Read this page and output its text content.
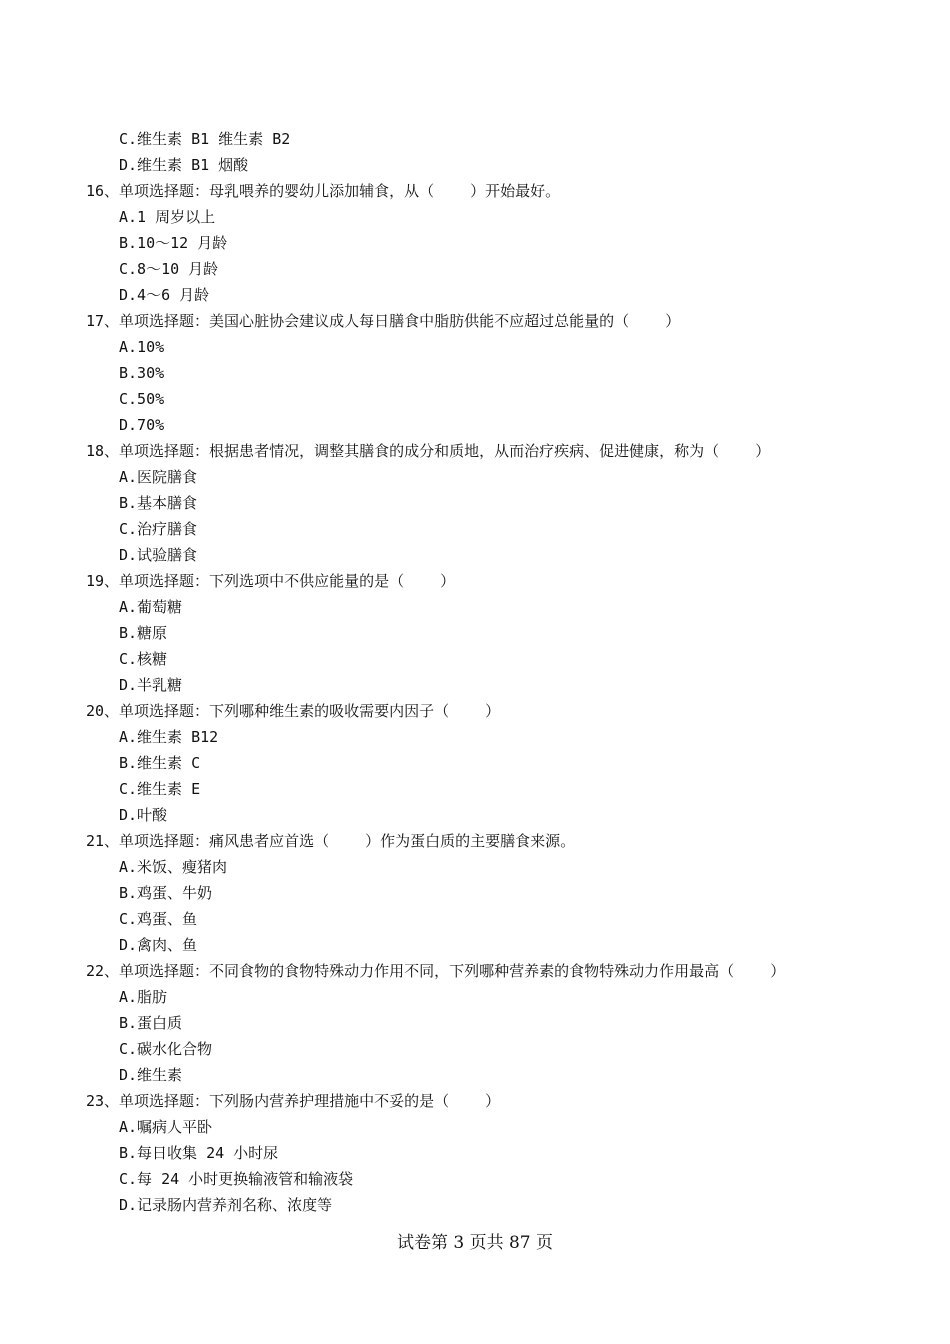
C.维生素 B1 维生素 B2
D.维生素 B1 烟酸
16、单项选择题：母乳喂养的婴幼儿添加辅食，从（    ）开始最好。
A.1 周岁以上
B.10～12 月龄
C.8～10 月龄
D.4～6 月龄
17、单项选择题：美国心脏协会建议成人每日膳食中脂肪供能不应超过总能量的（    ）
A.10%
B.30%
C.50%
D.70%
18、单项选择题：根据患者情况，调整其膳食的成分和质地，从而治疗疾病、促进健康，称为（    ）
A.医院膳食
B.基本膳食
C.治疗膳食
D.试验膳食
19、单项选择题：下列选项中不供应能量的是（    ）
A.葡萄糖
B.糖原
C.核糖
D.半乳糖
20、单项选择题：下列哪种维生素的吸收需要内因子（    ）
A.维生素 B12
B.维生素 C
C.维生素 E
D.叶酸
21、单项选择题：痛风患者应首选（    ）作为蛋白质的主要膳食来源。
A.米饭、瘦猪肉
B.鸡蛋、牛奶
C.鸡蛋、鱼
D.禽肉、鱼
22、单项选择题：不同食物的食物特殊动力作用不同，下列哪种营养素的食物特殊动力作用最高（    ）
A.脂肪
B.蛋白质
C.碳水化合物
D.维生素
23、单项选择题：下列肠内营养护理措施中不妥的是（    ）
A.嘱病人平卧
B.每日收集 24 小时尿
C.每 24 小时更换输液管和输液袋
D.记录肠内营养剂名称、浓度等
试卷第 3 页共 87 页
